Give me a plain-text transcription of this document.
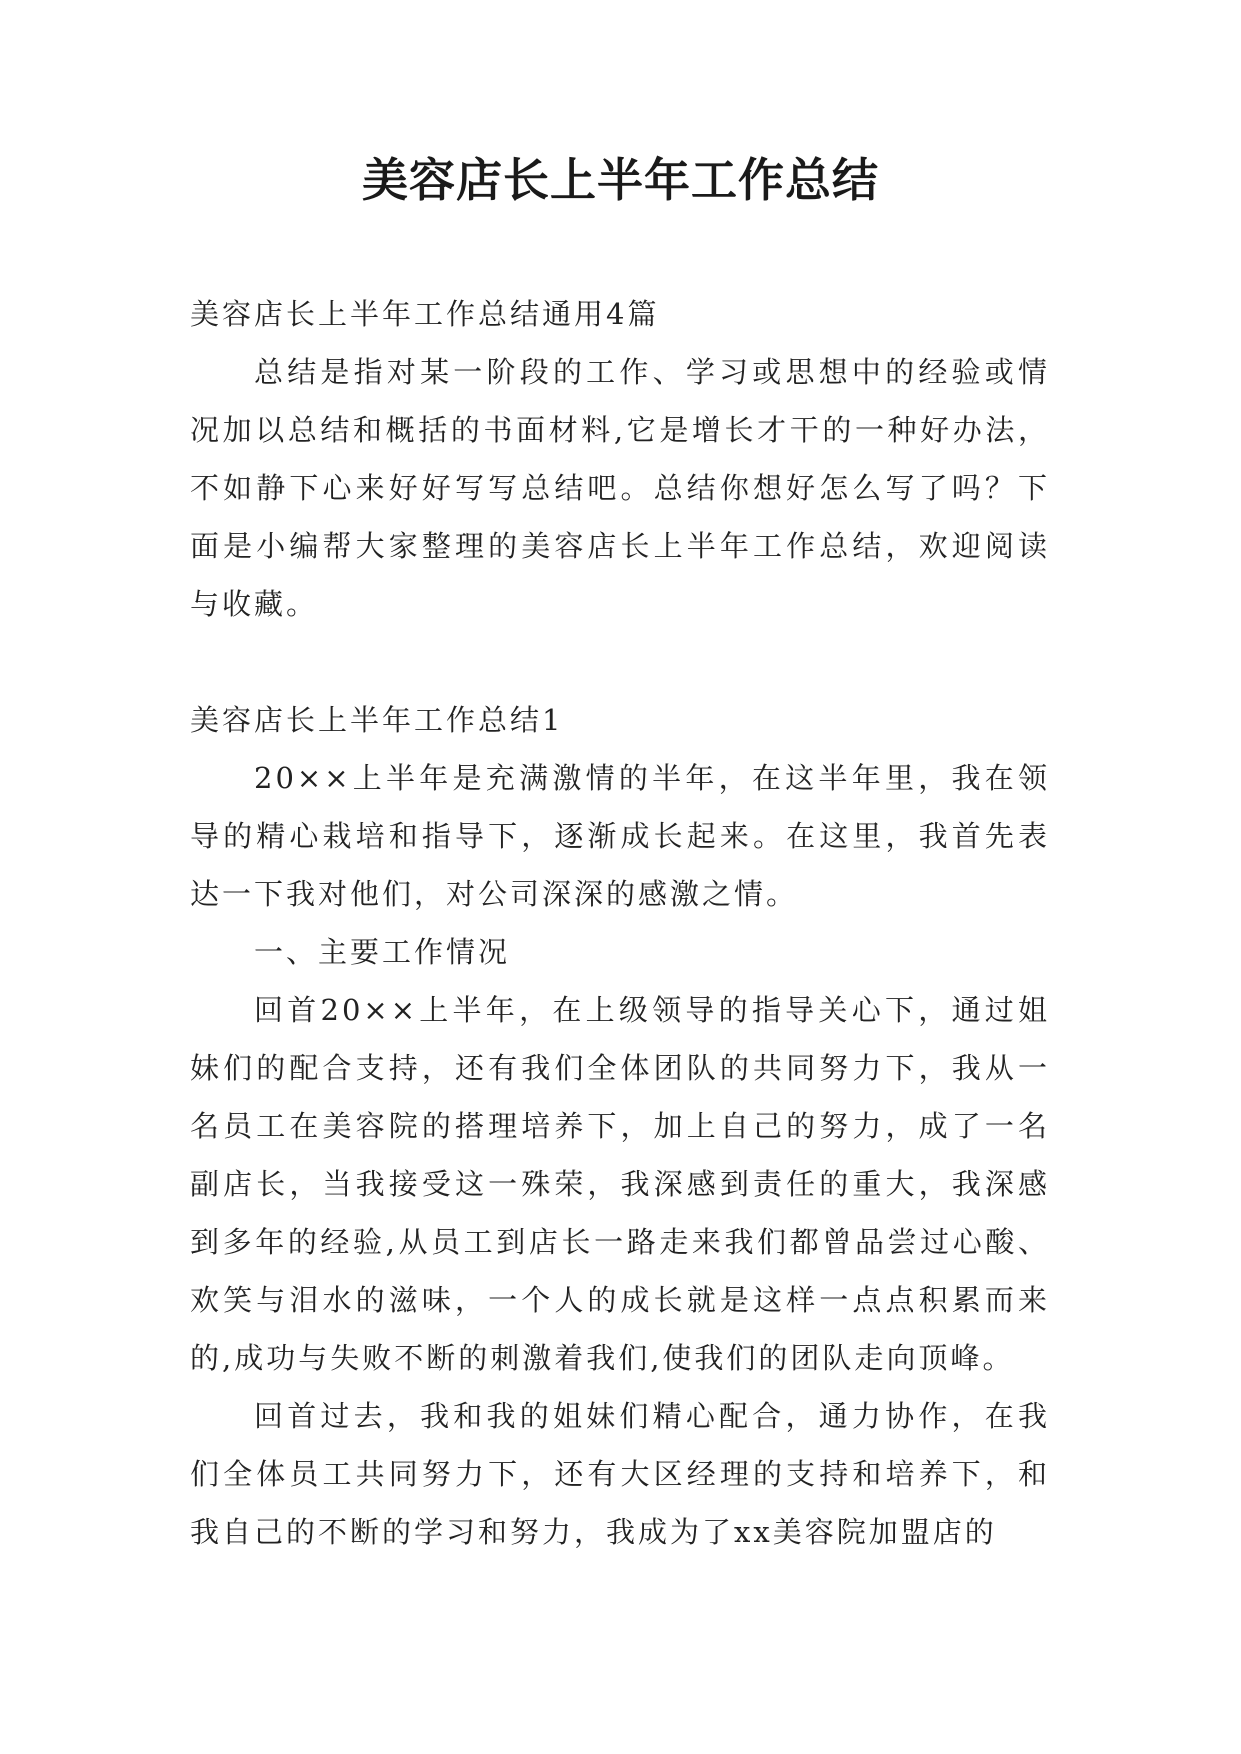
美容店长上半年工作总结

美容店长上半年工作总结通用4篇

总结是指对某一阶段的工作、学习或思想中的经验或情况加以总结和概括的书面材料,它是增长才干的一种好办法，不如静下心来好好写写总结吧。总结你想好怎么写了吗？下面是小编帮大家整理的美容店长上半年工作总结，欢迎阅读与收藏。

美容店长上半年工作总结1

20××上半年是充满激情的半年，在这半年里，我在领导的精心栽培和指导下，逐渐成长起来。在这里，我首先表达一下我对他们，对公司深深的感激之情。

一、主要工作情况

回首20××上半年，在上级领导的指导关心下，通过姐妹们的配合支持，还有我们全体团队的共同努力下，我从一名员工在美容院的搭理培养下，加上自己的努力，成了一名副店长，当我接受这一殊荣，我深感到责任的重大，我深感到多年的经验,从员工到店长一路走来我们都曾品尝过心酸、欢笑与泪水的滋味，一个人的成长就是这样一点点积累而来的,成功与失败不断的刺激着我们,使我们的团队走向顶峰。

回首过去，我和我的姐妹们精心配合，通力协作，在我们全体员工共同努力下，还有大区经理的支持和培养下，和我自己的不断的学习和努力，我成为了xx美容院加盟店的
